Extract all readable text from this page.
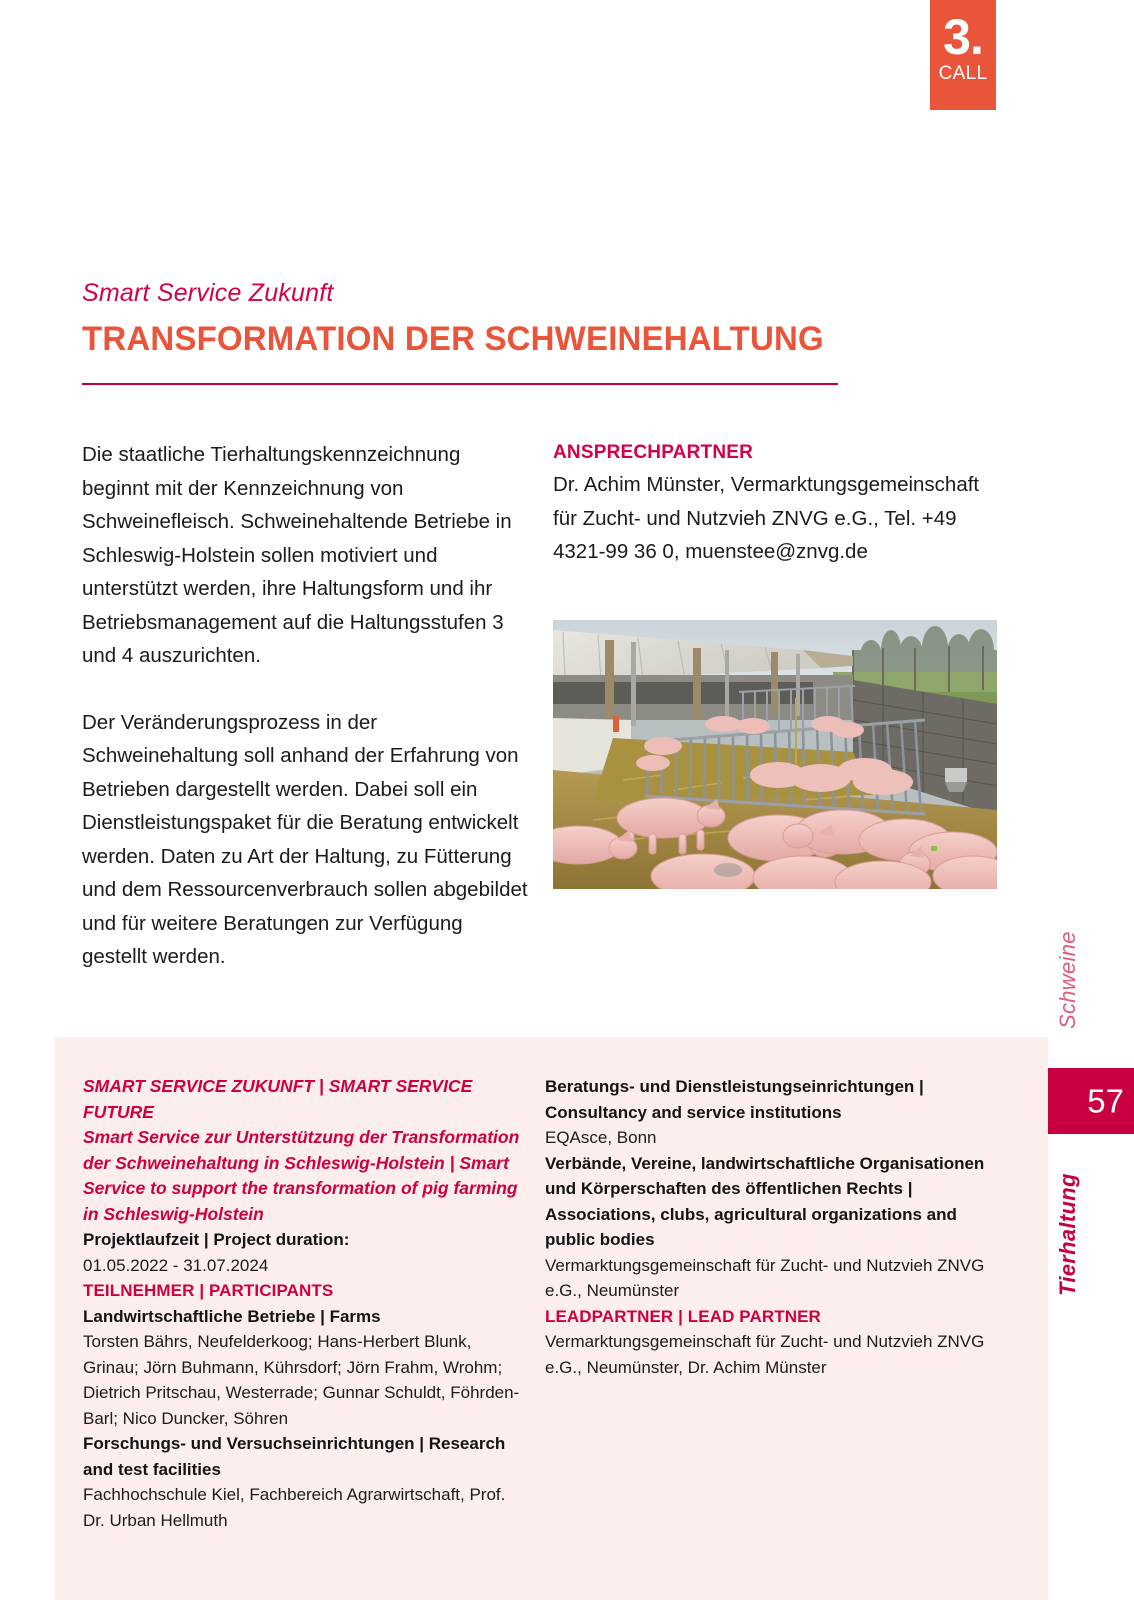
3.
CALL
Smart Service Zukunft
TRANSFORMATION DER SCHWEINEHALTUNG

Die staatliche Tierhaltungskennzeichnung beginnt mit der Kennzeichnung von Schweinefleisch. Schweinehaltende Betriebe in Schleswig-Holstein sollen motiviert und unterstützt werden, ihre Haltungsform und ihr Betriebsmanagement auf die Haltungsstufen 3 und 4 auszurichten.

Der Veränderungsprozess in der Schweinehaltung soll anhand der Erfahrung von Betrieben dargestellt werden. Dabei soll ein Dienstleistungspaket für die Beratung entwickelt werden. Daten zu Art der Haltung, zu Fütterung und dem Ressourcenverbrauch sollen abgebildet und für weitere Beratungen zur Verfügung gestellt werden.

ANSPRECHPARTNER
Dr. Achim Münster, Vermarktungsgemeinschaft für Zucht- und Nutzvieh ZNVG e.G., Tel. +49 4321-99 36 0, muenstee@znvg.de
SMART SERVICE ZUKUNFT | SMART SERVICE FUTURE
Smart Service zur Unterstützung der Transformation der Schweinehaltung in Schleswig-Holstein | Smart Service to support the transformation of pig farming in Schleswig-Holstein
Projektlaufzeit | Project duration:
01.05.2022 - 31.07.2024
TEILNEHMER | PARTICIPANTS
Landwirtschaftliche Betriebe | Farms
Torsten Bährs, Neufelderkoog; Hans-Herbert Blunk, Grinau; Jörn Buhmann, Kührsdorf; Jörn Frahm, Wrohm; Dietrich Pritschau, Westerrade; Gunnar Schuldt, Föhrden-Barl; Nico Duncker, Söhren
Forschungs- und Versuchseinrichtungen | Research and test facilities
Fachhochschule Kiel, Fachbereich Agrarwirtschaft, Prof. Dr. Urban Hellmuth
Beratungs- und Dienstleistungseinrichtungen | Consultancy and service institutions
EQAsce, Bonn
Verbände, Vereine, landwirtschaftliche Organisationen und Körperschaften des öffentlichen Rechts | Associations, clubs, agricultural organizations and public bodies
Vermarktungsgemeinschaft für Zucht- und Nutzvieh ZNVG e.G., Neumünster
LEADPARTNER | LEAD PARTNER
Vermarktungsgemeinschaft für Zucht- und Nutzvieh ZNVG e.G., Neumünster, Dr. Achim Münster
Schweine
57
Tierhaltung
